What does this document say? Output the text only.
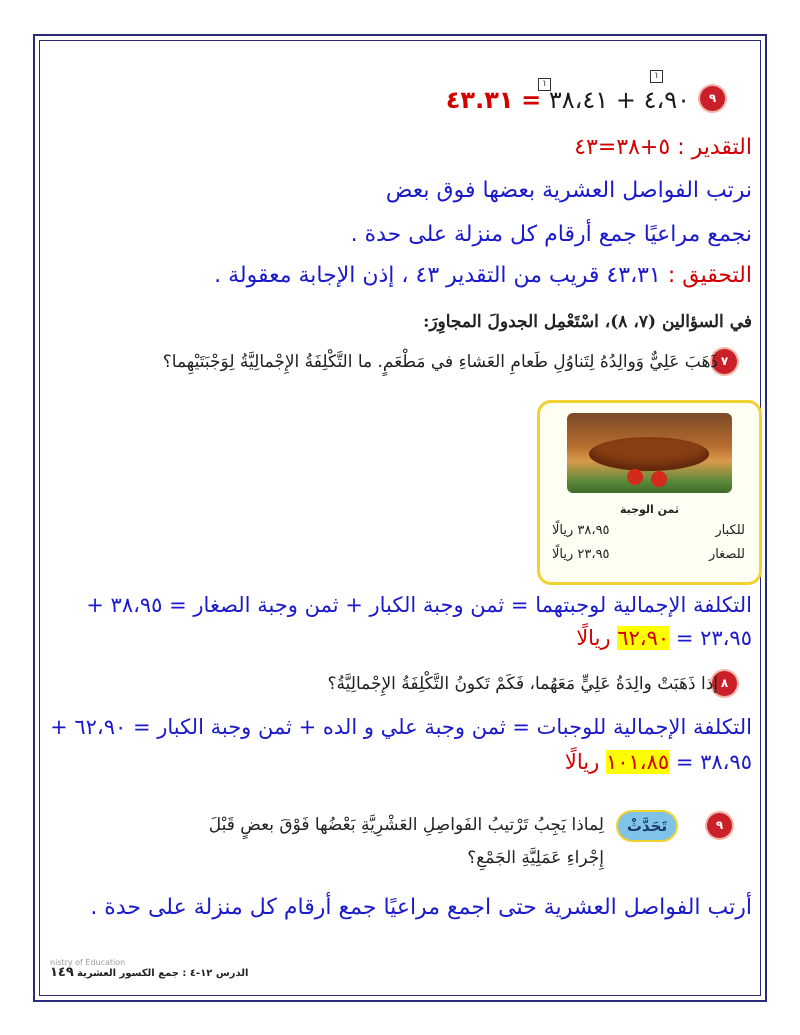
٩
١
١
٤،٩٠ + ٣٨،٤١ = ٤٣.٣١
التقدير : ٥+٣٨=٤٣
نرتب الفواصل العشرية بعضها فوق بعض
نجمع مراعيًا جمع أرقام كل منزلة على حدة .
التحقيق : ٤٣،٣١ قريب من التقدير ٤٣ ، إذن الإجابة معقولة .
في السؤالين (٧، ٨)، اسْتَعْمِل الجدولَ المجاوِرَ:
٧
ذَهَبَ عَلِيٌّ وَوالِدُهُ لِتَناوُلِ طَعامِ العَشاءِ في مَطْعَمٍ. ما التَّكْلِفَةُ الإِجْمالِيَّةُ لِوَجْبَتَيْهِما؟
ثمن الوجبة
للكبار
٣٨،٩٥ ريالًا
للصغار
٢٣،٩٥ ريالًا
التكلفة الإجمالية لوجبتهما = ثمن وجبة الكبار + ثمن وجبة الصغار = ٣٨،٩٥ +
٢٣،٩٥ = ٦٢،٩٠ ريالًا
٨
إذا ذَهَبَتْ والِدَةُ عَلِيٍّ مَعَهُما، فَكَمْ تَكونُ التَّكْلِفَةُ الإِجْمالِيَّةُ؟
التكلفة الإجمالية للوجبات = ثمن وجبة علي و الده + ثمن وجبة الكبار = ٦٢،٩٠ +
٣٨،٩٥ = ١٠١،٨٥ ريالًا
٩
تَحَدَّثْ
لِماذا يَجِبُ تَرْتيبُ الفَواصِلِ العَشْرِيَّةِ بَعْضُها فَوْقَ بعضٍ قَبْلَ
إِجْراءِ عَمَلِيَّةِ الجَمْعِ؟
أرتب الفواصل العشرية حتى اجمع مراعيًا جمع أرقام كل منزلة على حدة .
nistry of Education
الدرس ١٢-٤ : جمع الكسور العشرية ١٤٩
